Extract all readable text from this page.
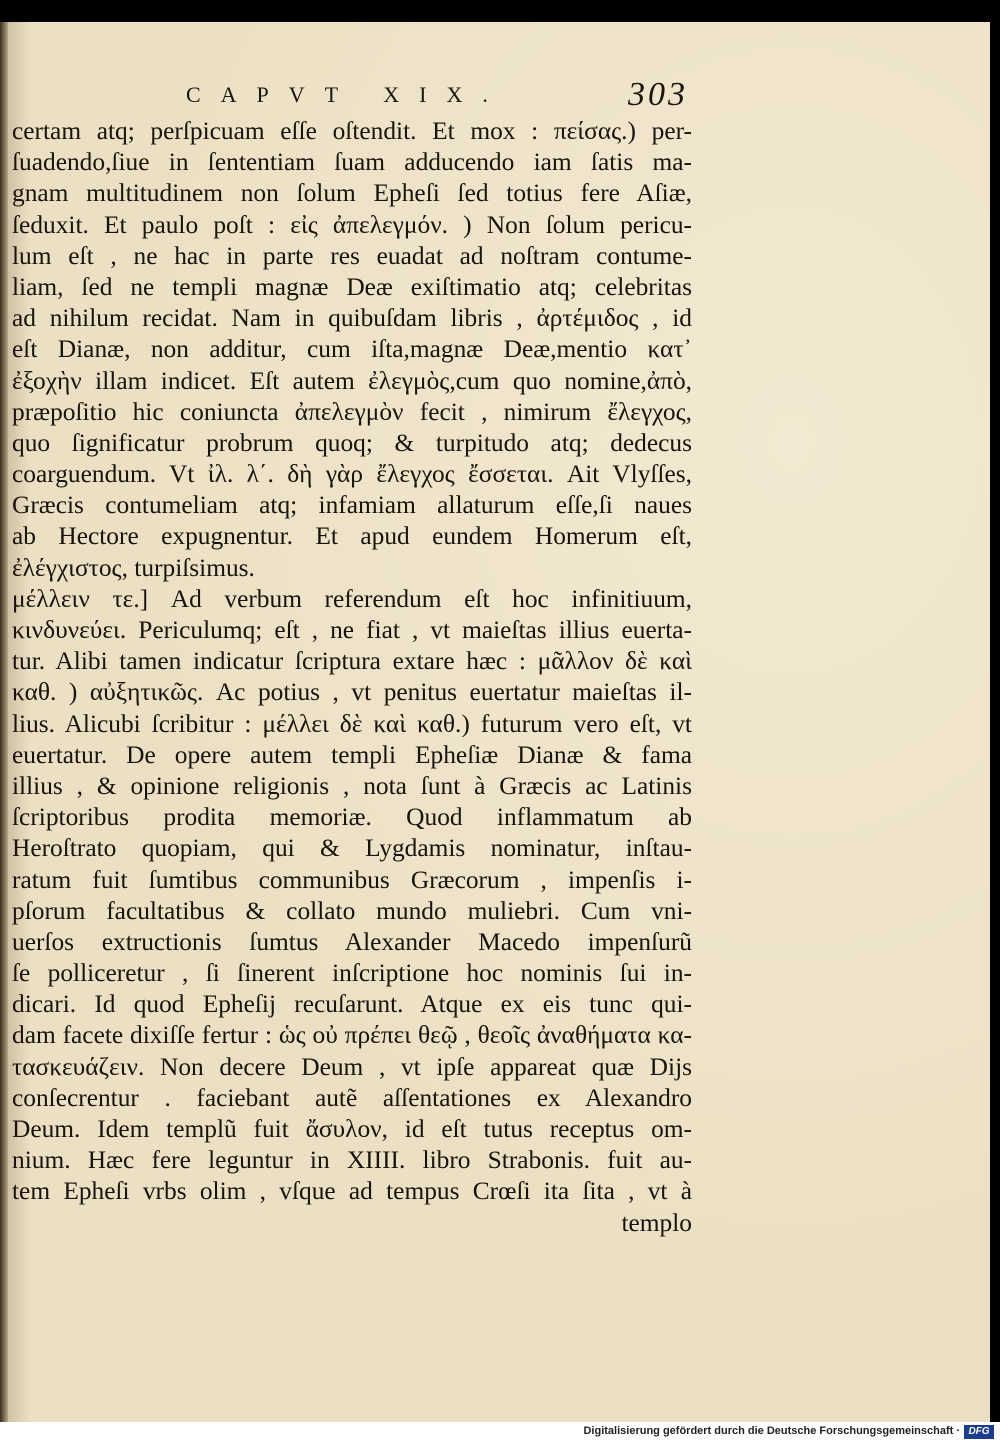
CAPVT XIX.	303
certam atq; perſpicuam eſſe oſtendit. Et mox : πείσας.) per-
ſuadendo,ſiue in ſententiam ſuam adducendo iam ſatis ma-
gnam multitudinem non ſolum Epheſi ſed totius fere Aſiæ,
ſeduxit. Et paulo poſt : εἰς ἀπελεγμόν. ) Non ſolum pericu-
lum eſt , ne hac in parte res euadat ad noſtram contume-
liam, ſed ne templi magnæ Deæ exiſtimatio atq; celebritas
ad nihilum recidat. Nam in quibuſdam libris , ἀρτέμιδος , id
eſt Dianæ, non additur, cum iſta,magnæ Deæ,mentio κατ᾽
ἐξοχὴν illam indicet. Eſt autem ἐλεγμὸς,cum quo nomine,ἀπὸ,
præpoſitio hic coniuncta ἀπελεγμὸν fecit , nimirum ἔλεγχος,
quo ſignificatur probrum quoq; & turpitudo atq; dedecus
coarguendum. Vt ἰλ. λ΄. δὴ γὰρ ἔλεγχος ἔσσεται. Ait Vlyſſes,
Græcis contumeliam atq; infamiam allaturum eſſe,ſi naues
ab Hectore expugnentur. Et apud eundem Homerum eſt,
ἐλέγχιστος, turpiſsimus.
μέλλειν τε.] Ad verbum referendum eſt hoc infinitiuum,
κινδυνεύει. Periculumq; eſt , ne fiat , vt maieſtas illius euerta-
tur. Alibi tamen indicatur ſcriptura extare hæc : μᾶλλον δὲ καὶ
καθ. ) αὐξητικῶς. Ac potius , vt penitus euertatur maieſtas il-
lius. Alicubi ſcribitur : μέλλει δὲ καὶ καθ.) futurum vero eſt, vt
euertatur. De opere autem templi Epheſiæ Dianæ & fama
illius , & opinione religionis , nota ſunt à Græcis ac Latinis
ſcriptoribus prodita memoriæ. Quod inflammatum ab
Heroſtrato quopiam, qui & Lygdamis nominatur, inſtau-
ratum fuit ſumtibus communibus Græcorum , impenſis i-
pſorum facultatibus & collato mundo muliebri. Cum vni-
uerſos extructionis ſumtus Alexander Macedo impenſurũ
ſe polliceretur , ſi ſinerent inſcriptione hoc nominis ſui in-
dicari. Id quod Epheſij recuſarunt. Atque ex eis tunc qui-
dam facete dixiſſe fertur : ὡς οὐ πρέπει θεῷ , θεοῖς ἀναθήματα κα-
τασκευάζειν. Non decere Deum , vt ipſe appareat quæ Dijs
conſecrentur . faciebant autẽ aſſentationes ex Alexandro
Deum. Idem templũ fuit ἄσυλον, id eſt tutus receptus om-
nium. Hæc fere leguntur in XIIII. libro Strabonis. fuit au-
tem Epheſi vrbs olim , vſque ad tempus Crœſi ita ſita , vt à
templo
Digitalisierung gefördert durch die Deutsche Forschungsgemeinschaft · DFG
